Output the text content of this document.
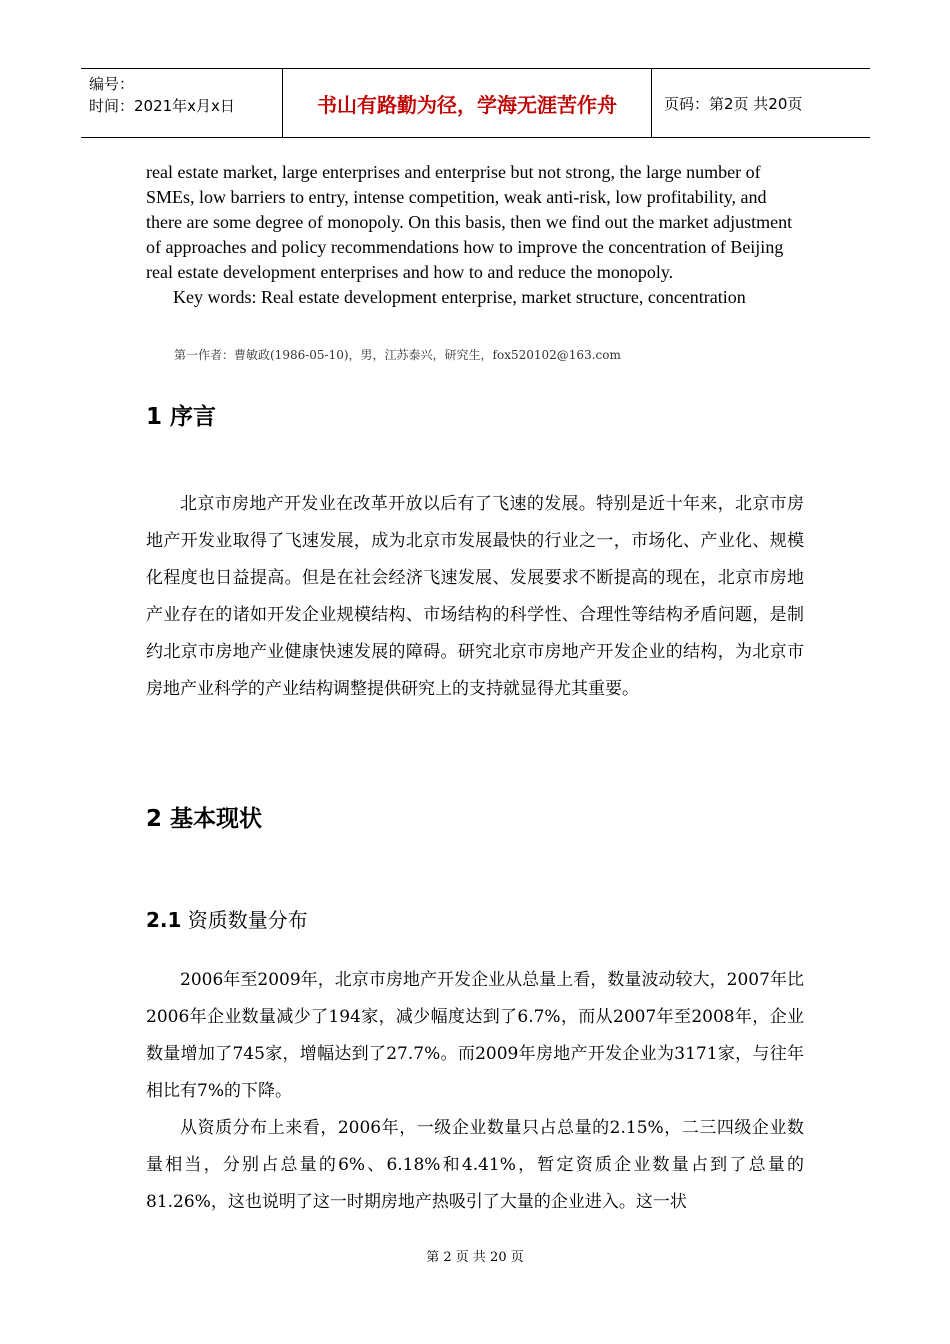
编号：
时间：2021年x月x日	书山有路勤为径，学海无涯苦作舟	页码：第2页 共20页

real estate market, large enterprises and enterprise but not strong, the large number of SMEs, low barriers to entry, intense competition, weak anti-risk, low profitability, and there are some degree of monopoly. On this basis, then we find out the market adjustment of approaches and policy recommendations how to improve the concentration of Beijing real estate development enterprises and how to and reduce the monopoly.

Key words: Real estate development enterprise, market structure, concentration

第一作者：曹敏政(1986-05-10)，男，江苏泰兴，研究生，fox520102@163.com
1 序言

北京市房地产开发业在改革开放以后有了飞速的发展。特别是近十年来，北京市房地产开发业取得了飞速发展，成为北京市发展最快的行业之一，市场化、产业化、规模化程度也日益提高。但是在社会经济飞速发展、发展要求不断提高的现在，北京市房地产业存在的诸如开发企业规模结构、市场结构的科学性、合理性等结构矛盾问题，是制约北京市房地产业健康快速发展的障碍。研究北京市房地产开发企业的结构，为北京市房地产业科学的产业结构调整提供研究上的支持就显得尤其重要。

2 基本现状
2.1 资质数量分布

2006年至2009年，北京市房地产开发企业从总量上看，数量波动较大，2007年比2006年企业数量减少了194家，减少幅度达到了6.7%，而从2007年至2008年，企业数量增加了745家，增幅达到了27.7%。而2009年房地产开发企业为3171家，与往年相比有7%的下降。

从资质分布上来看，2006年，一级企业数量只占总量的2.15%，二三四级企业数量相当，分别占总量的6%、6.18%和4.41%，暂定资质企业数量占到了总量的81.26%，这也说明了这一时期房地产热吸引了大量的企业进入。这一状

第 2 页 共 20 页
